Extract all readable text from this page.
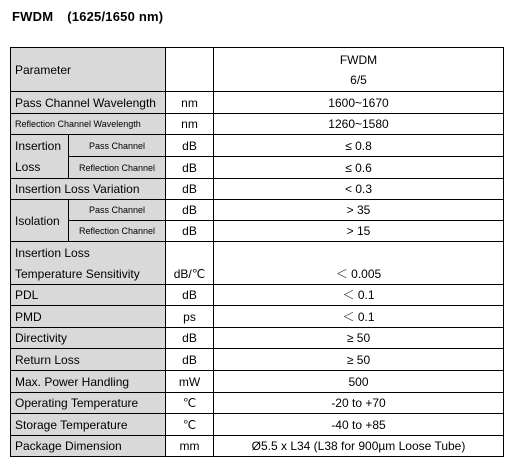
FWDM (1625/1650 nm)
Parameter			FWDM
6/5

Pass Channel Wavelength		nm	1600~1670
Reflection Channel Wavelength		nm	1260~1580

Insertion
Loss	Pass Channel	dB	≤ 0.8
	Reflection Channel	dB	≤ 0.6
Insertion Loss Variation		dB	< 0.3
Isolation	Pass Channel	dB	> 35
	Reflection Channel	dB	> 15

Insertion Loss
Temperature Sensitivity		dB/℃	＜ 0.005
PDL		dB	＜ 0.1
PMD		ps	＜ 0.1
Directivity		dB	≥ 50
Return Loss		dB	≥ 50
Max. Power Handling		mW	500
Operating Temperature		℃	-20 to +70
Storage Temperature		℃	-40 to +85
Package Dimension		mm	Ø5.5 x L34 (L38 for 900µm Loose Tube)
